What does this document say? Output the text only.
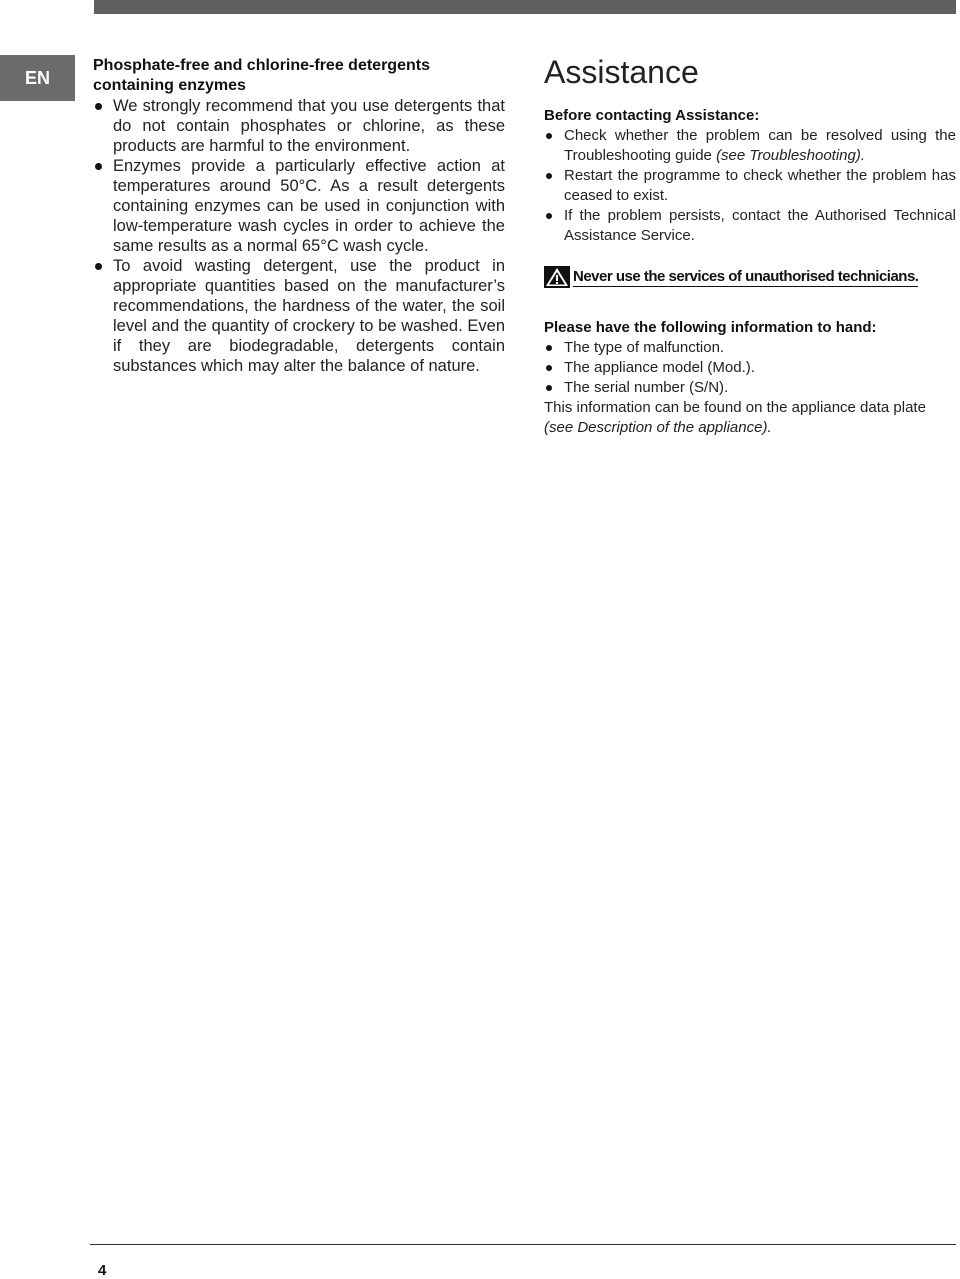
EN
Phosphate-free and chlorine-free detergents containing enzymes
We strongly recommend that you use detergents that do not contain phosphates or chlorine, as these products are harmful to the environment.
Enzymes provide a particularly effective action at temperatures around 50°C. As a result detergents containing enzymes can be used in conjunction with low-temperature wash cycles in order to achieve the same results as a normal 65°C wash cycle.
To avoid wasting detergent, use the product in appropriate quantities based on the manufacturer’s recommendations, the hardness of the water, the soil level and the quantity of crockery to be washed. Even if they are biodegradable, detergents contain substances which may alter the balance of nature.
Assistance
Before contacting Assistance:
Check whether the problem can be resolved using the Troubleshooting guide (see Troubleshooting).
Restart the programme to check whether the problem has ceased to exist.
If the problem persists, contact the Authorised Technical Assistance Service.
Never use the services of unauthorised technicians.
Please have the following information to hand:
The type of malfunction.
The appliance model (Mod.).
The serial number (S/N).

This information can be found on the appliance data plate (see Description of the appliance).

4
